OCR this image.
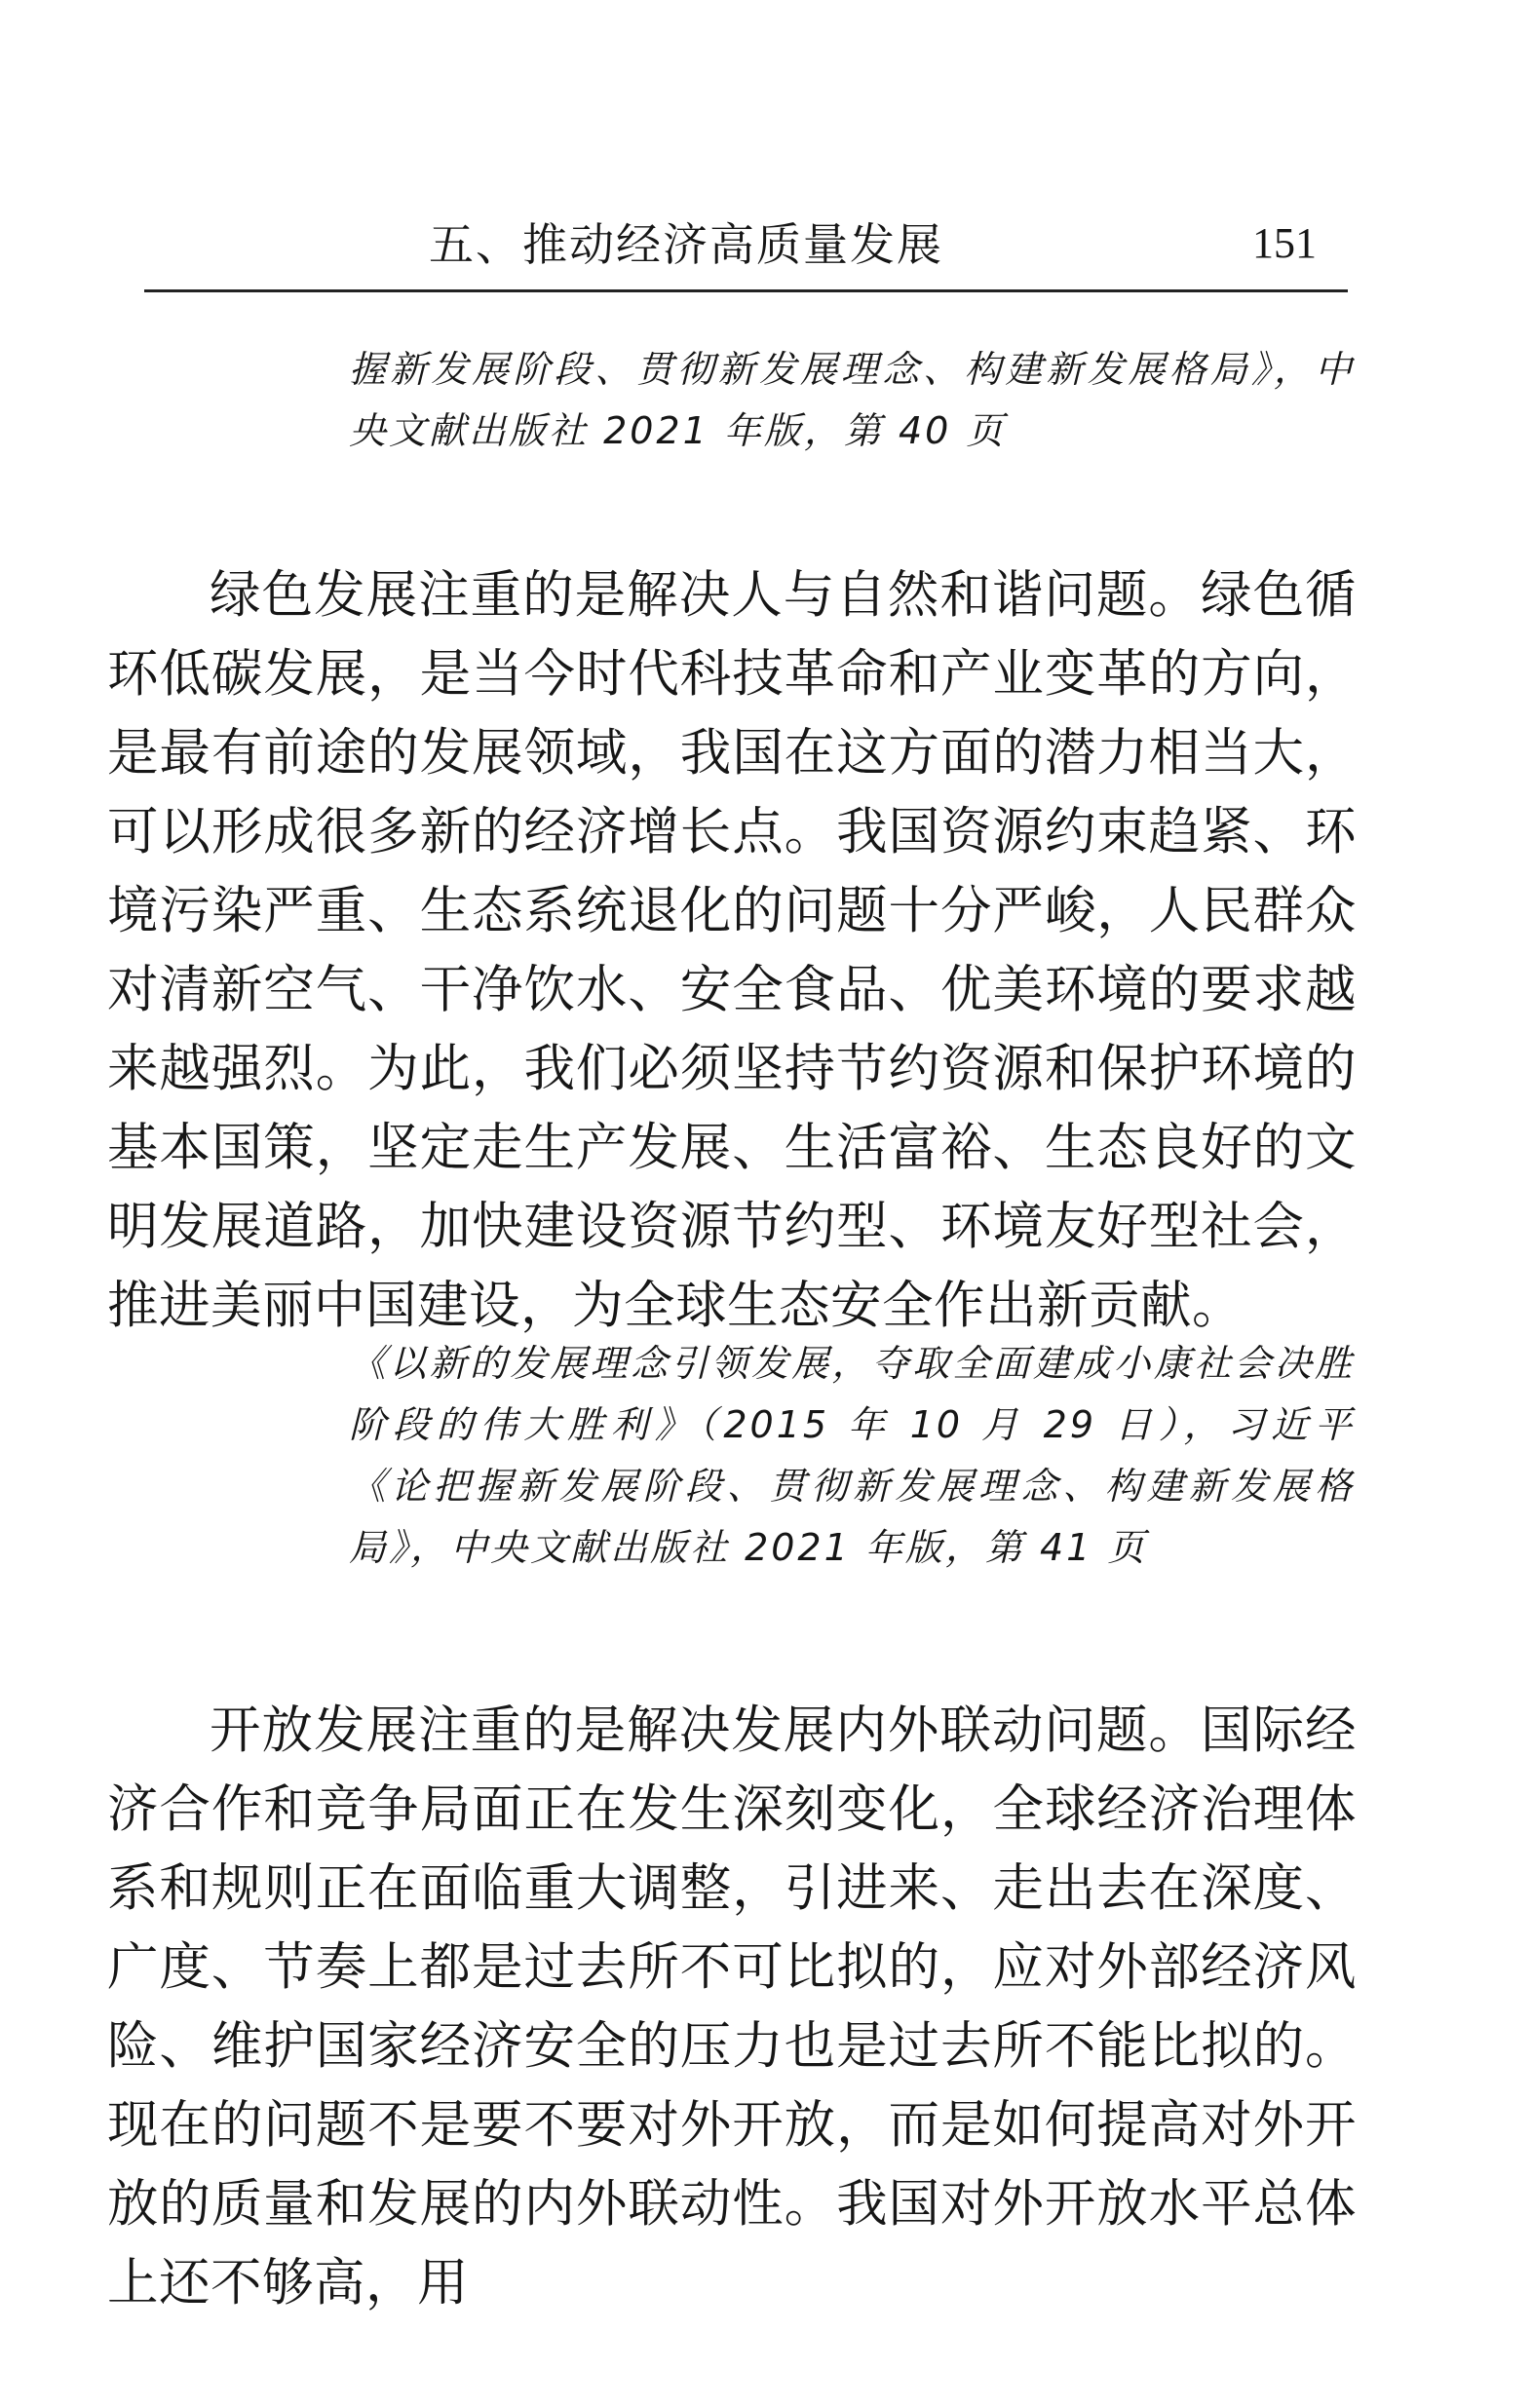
五、推动经济高质量发展	151
握新发展阶段、贯彻新发展理念、构建新发展格局》，中央文献出版社 2021 年版，第 40 页
绿色发展注重的是解决人与自然和谐问题。绿色循环低碳发展，是当今时代科技革命和产业变革的方向，是最有前途的发展领域，我国在这方面的潜力相当大，可以形成很多新的经济增长点。我国资源约束趋紧、环境污染严重、生态系统退化的问题十分严峻，人民群众对清新空气、干净饮水、安全食品、优美环境的要求越来越强烈。为此，我们必须坚持节约资源和保护环境的基本国策，坚定走生产发展、生活富裕、生态良好的文明发展道路，加快建设资源节约型、环境友好型社会，推进美丽中国建设，为全球生态安全作出新贡献。
《以新的发展理念引领发展，夺取全面建成小康社会决胜阶段的伟大胜利》（2015 年 10 月 29 日），习近平《论把握新发展阶段、贯彻新发展理念、构建新发展格局》，中央文献出版社 2021 年版，第 41 页
开放发展注重的是解决发展内外联动问题。国际经济合作和竞争局面正在发生深刻变化，全球经济治理体系和规则正在面临重大调整，引进来、走出去在深度、广度、节奏上都是过去所不可比拟的，应对外部经济风险、维护国家经济安全的压力也是过去所不能比拟的。现在的问题不是要不要对外开放，而是如何提高对外开放的质量和发展的内外联动性。我国对外开放水平总体上还不够高，用
